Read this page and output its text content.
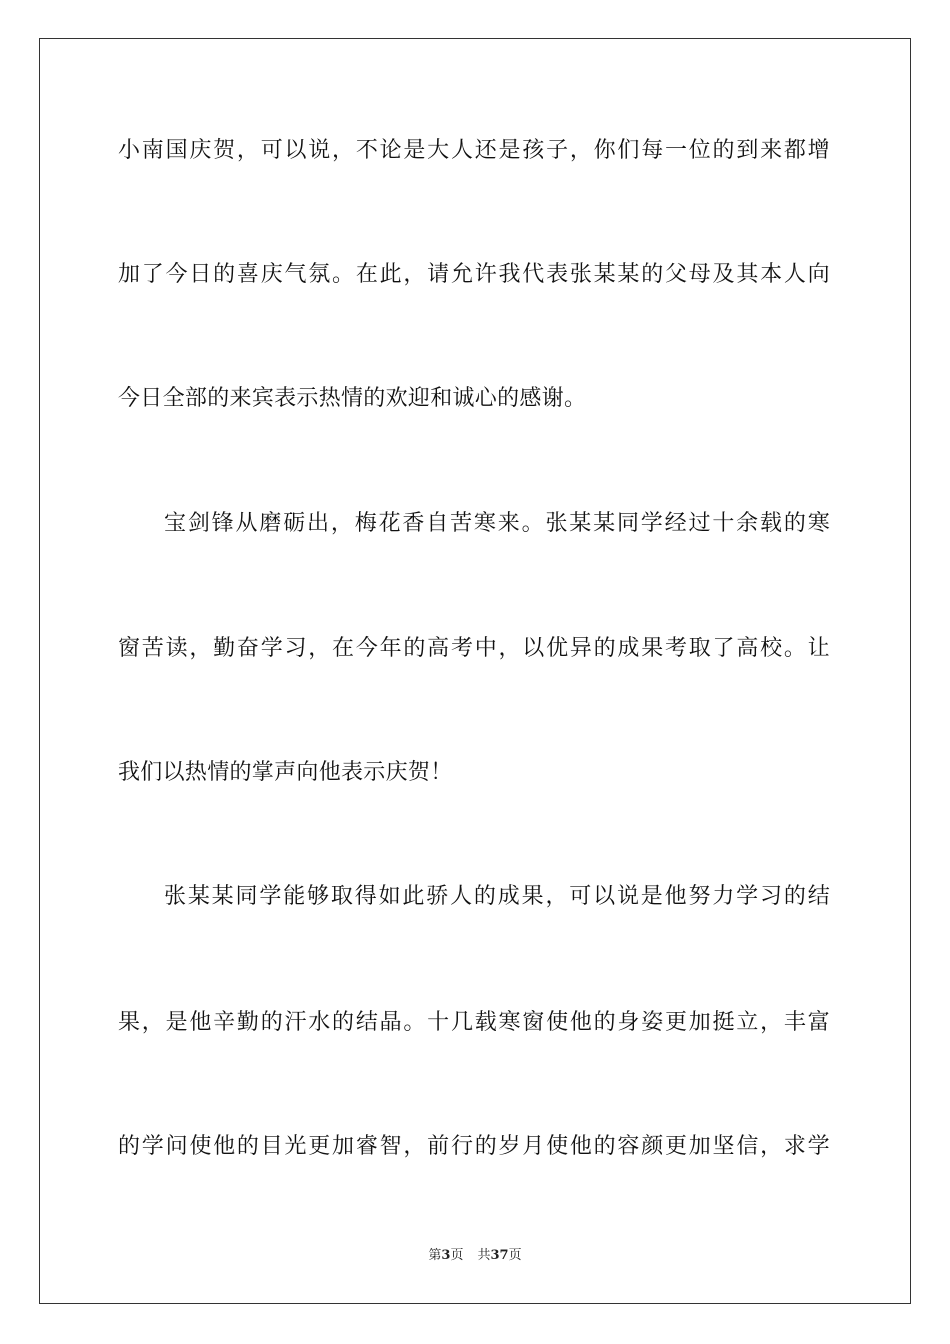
小南国庆贺，可以说，不论是大人还是孩子，你们每一位的到来都增
加了今日的喜庆气氛。在此，请允许我代表张某某的父母及其本人向
今日全部的来宾表示热情的欢迎和诚心的感谢。
宝剑锋从磨砺出，梅花香自苦寒来。张某某同学经过十余载的寒
窗苦读，勤奋学习，在今年的高考中，以优异的成果考取了高校。让
我们以热情的掌声向他表示庆贺！
张某某同学能够取得如此骄人的成果，可以说是他努力学习的结
果，是他辛勤的汗水的结晶。十几载寒窗使他的身姿更加挺立，丰富
的学问使他的目光更加睿智，前行的岁月使他的容颜更加坚信，求学
第3页 共37页
